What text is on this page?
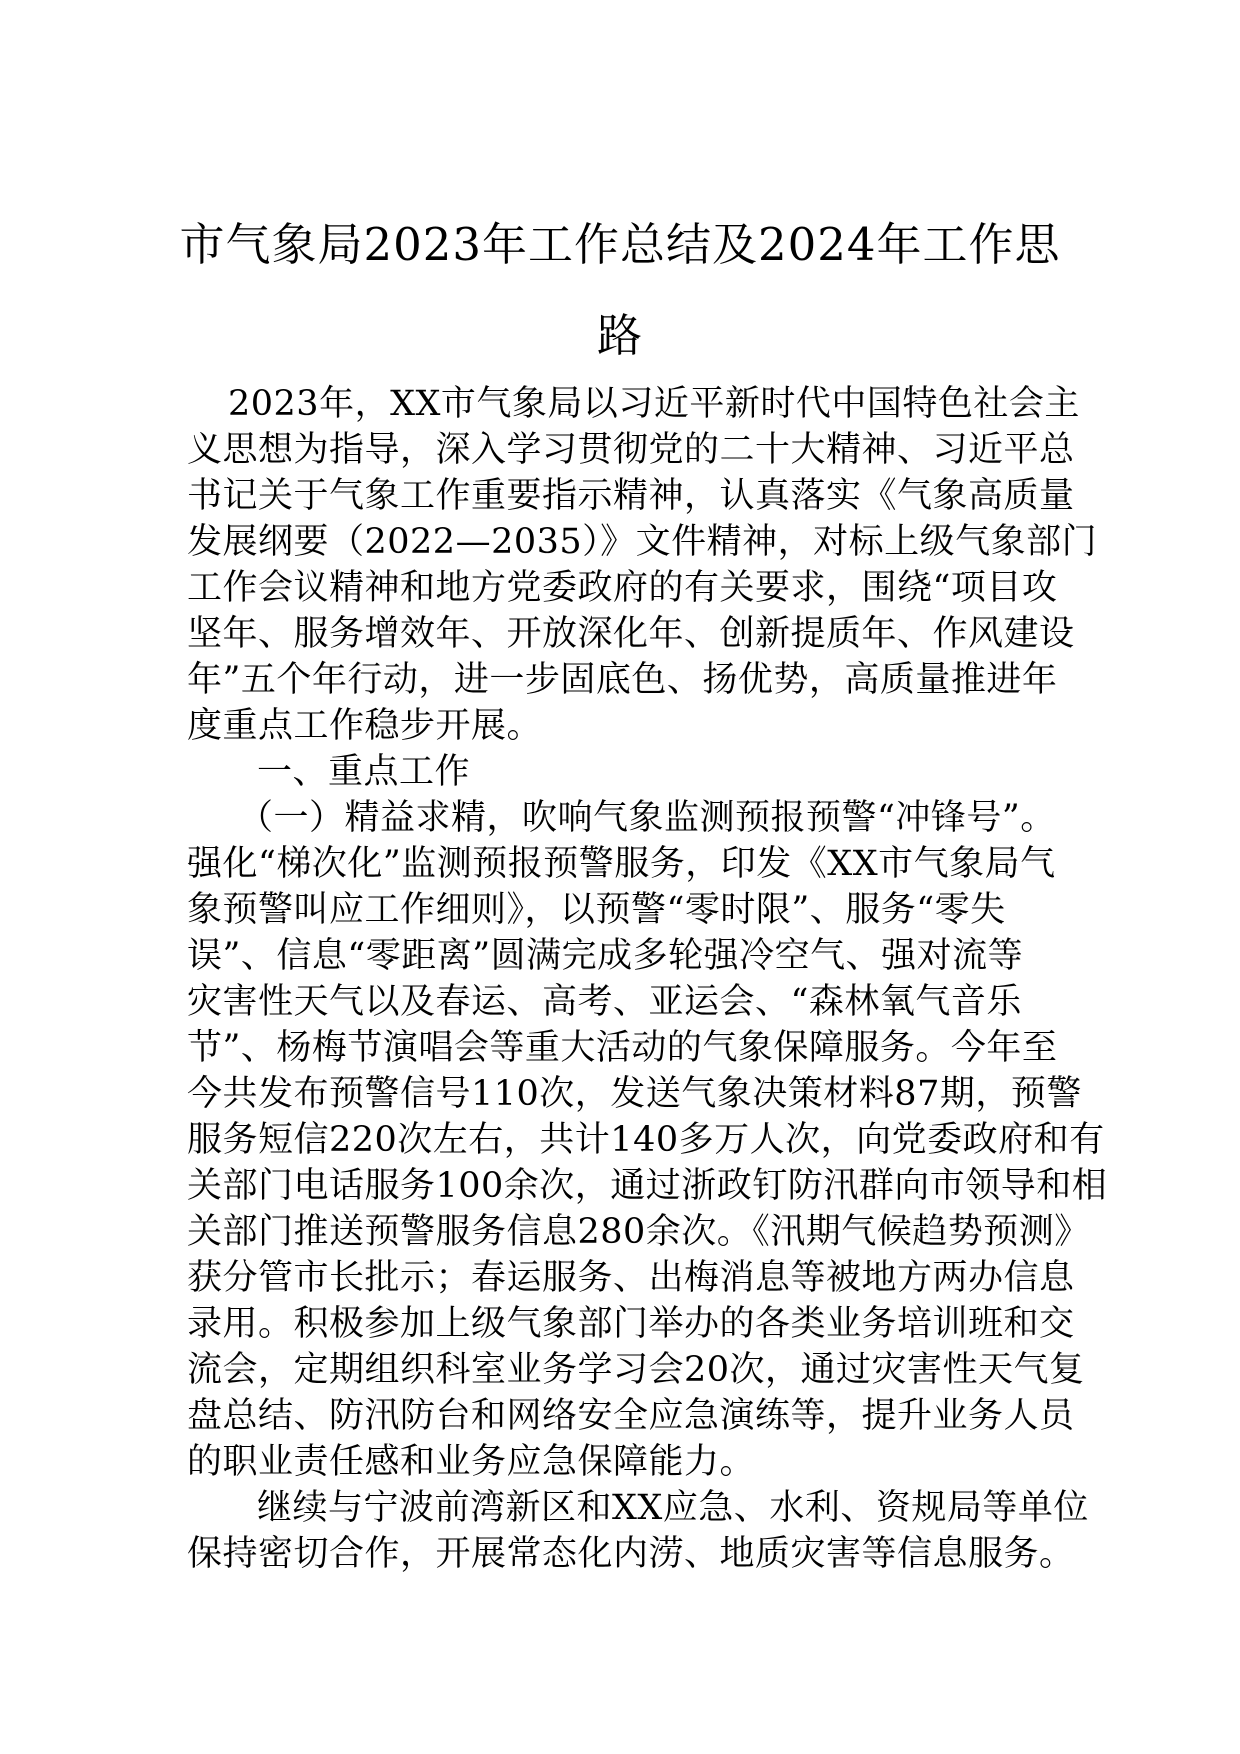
市气象局2023年工作总结及2024年工作思
路
2023年，XX市气象局以习近平新时代中国特色社会主
义思想为指导，深入学习贯彻党的二十大精神、习近平总
书记关于气象工作重要指示精神，认真落实《气象高质量
发展纲要（2022—2035）》文件精神，对标上级气象部门
工作会议精神和地方党委政府的有关要求，围绕“项目攻
坚年、服务增效年、开放深化年、创新提质年、作风建设
年”五个年行动，进一步固底色、扬优势，高质量推进年
度重点工作稳步开展。
一、重点工作
（一）精益求精，吹响气象监测预报预警“冲锋号”。
强化“梯次化”监测预报预警服务，印发《XX市气象局气
象预警叫应工作细则》，以预警“零时限”、服务“零失
误”、信息“零距离”圆满完成多轮强冷空气、强对流等
灾害性天气以及春运、高考、亚运会、“森林氧气音乐
节”、杨梅节演唱会等重大活动的气象保障服务。今年至
今共发布预警信号110次，发送气象决策材料87期，预警
服务短信220次左右，共计140多万人次，向党委政府和有
关部门电话服务100余次，通过浙政钉防汛群向市领导和相
关部门推送预警服务信息280余次。《汛期气候趋势预测》
获分管市长批示；春运服务、出梅消息等被地方两办信息
录用。积极参加上级气象部门举办的各类业务培训班和交
流会，定期组织科室业务学习会20次，通过灾害性天气复
盘总结、防汛防台和网络安全应急演练等，提升业务人员
的职业责任感和业务应急保障能力。
继续与宁波前湾新区和XX应急、水利、资规局等单位
保持密切合作，开展常态化内涝、地质灾害等信息服务。
